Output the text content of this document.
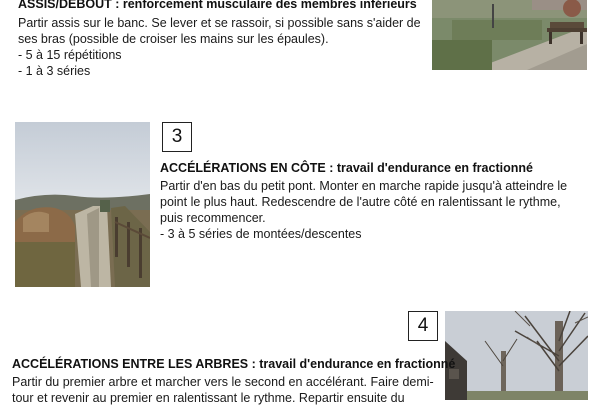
ASSIS/DEBOUT : renforcement musculaire des membres inférieurs
Partir assis sur le banc. Se lever et se rassoir, si possible sans s'aider de
ses bras (possible de croiser les mains sur les épaules).
- 5 à 15 répétitions
- 1 à 3 séries
3
ACCÉLÉRATIONS EN CÔTE : travail d'endurance en fractionné
Partir d'en bas du petit pont. Monter en marche rapide jusqu'à atteindre le
point le plus haut. Redescendre de l'autre côté en ralentissant le rythme,
puis recommencer.
- 3 à 5 séries de montées/descentes
4
ACCÉLÉRATIONS ENTRE LES ARBRES : travail d'endurance en fractionné
Partir du premier arbre et marcher vers le second en accélérant. Faire demi-
tour et revenir au premier en ralentissant le rythme. Repartir ensuite du
